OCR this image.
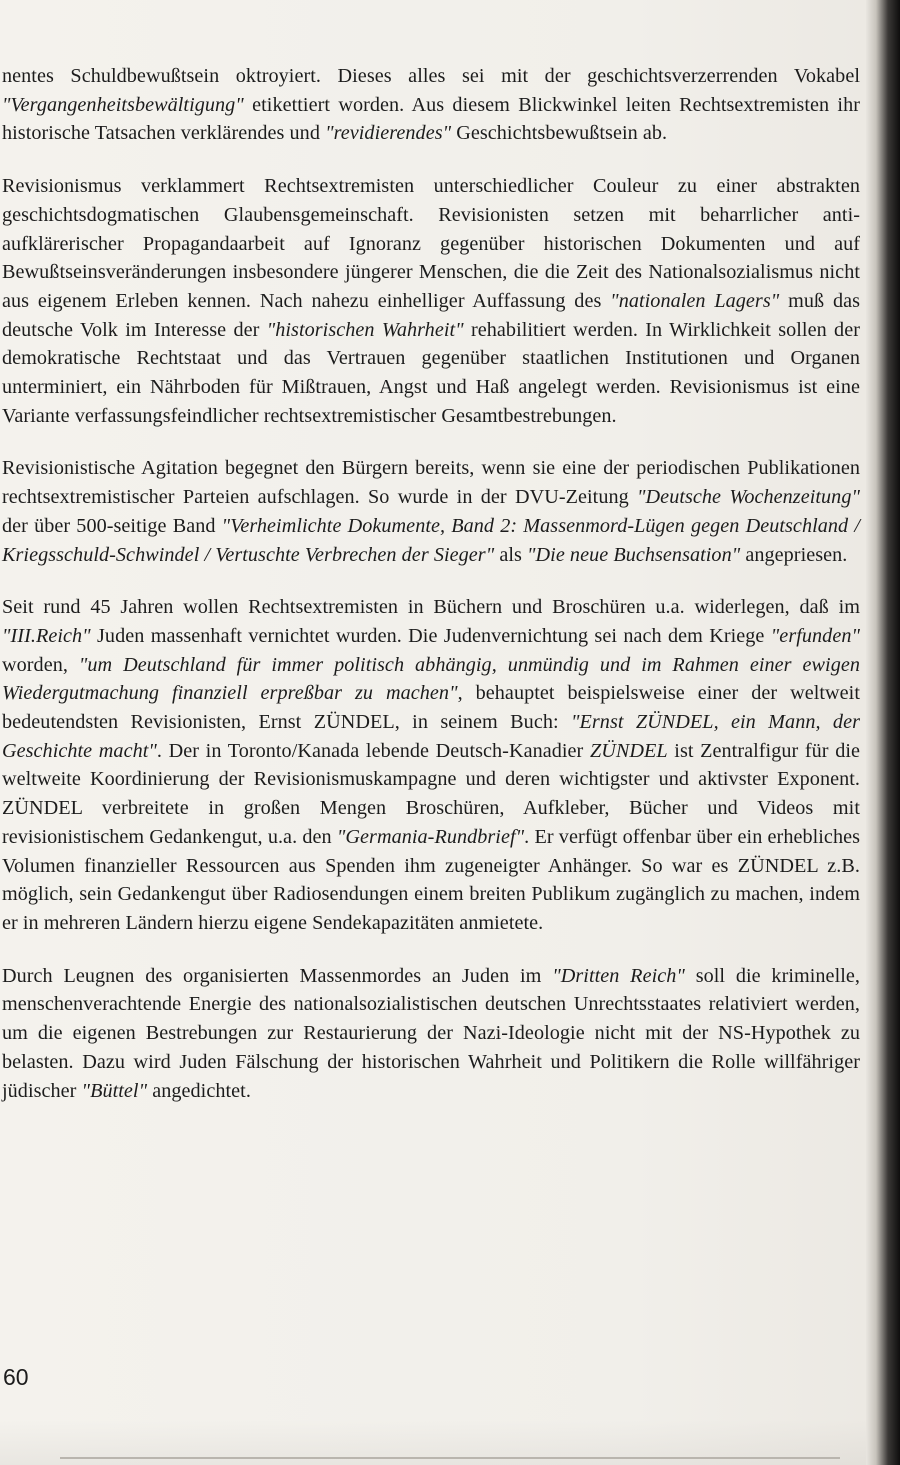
nentes Schuldbewußtsein oktroyiert. Dieses alles sei mit der geschichtsverzerrenden Vokabel "Vergangenheitsbewältigung" etikettiert worden. Aus diesem Blickwinkel leiten Rechtsextremisten ihr historische Tatsachen verklärendes und "revidierendes" Geschichtsbewußtsein ab.

Revisionismus verklammert Rechtsextremisten unterschiedlicher Couleur zu einer abstrakten geschichtsdogmatischen Glaubensgemeinschaft. Revisionisten setzen mit beharrlicher anti-aufklärerischer Propagandaarbeit auf Ignoranz gegenüber historischen Dokumenten und auf Bewußtseinsveränderungen insbesondere jüngerer Menschen, die die Zeit des Nationalsozialismus nicht aus eigenem Erleben kennen. Nach nahezu einhelliger Auffassung des "nationalen Lagers" muß das deutsche Volk im Interesse der "historischen Wahrheit" rehabilitiert werden. In Wirklichkeit sollen der demokratische Rechtstaat und das Vertrauen gegenüber staatlichen Institutionen und Organen unterminiert, ein Nährboden für Mißtrauen, Angst und Haß angelegt werden. Revisionismus ist eine Variante verfassungsfeindlicher rechtsextremistischer Gesamtbestrebungen.

Revisionistische Agitation begegnet den Bürgern bereits, wenn sie eine der periodischen Publikationen rechtsextremistischer Parteien aufschlagen. So wurde in der DVU-Zeitung "Deutsche Wochenzeitung" der über 500-seitige Band "Verheimlichte Dokumente, Band 2: Massenmord-Lügen gegen Deutschland / Kriegsschuld-Schwindel / Vertuschte Verbrechen der Sieger" als "Die neue Buchsensation" angepriesen.

Seit rund 45 Jahren wollen Rechtsextremisten in Büchern und Broschüren u.a. widerlegen, daß im "III.Reich" Juden massenhaft vernichtet wurden. Die Judenvernichtung sei nach dem Kriege "erfunden" worden, "um Deutschland für immer politisch abhängig, unmündig und im Rahmen einer ewigen Wiedergutmachung finanziell erpreßbar zu machen", behauptet beispielsweise einer der weltweit bedeutendsten Revisionisten, Ernst ZÜNDEL, in seinem Buch: "Ernst ZÜNDEL, ein Mann, der Geschichte macht". Der in Toronto/Kanada lebende Deutsch-Kanadier ZÜNDEL ist Zentralfigur für die weltweite Koordinierung der Revisionismuskampagne und deren wichtigster und aktivster Exponent. ZÜNDEL verbreitete in großen Mengen Broschüren, Aufkleber, Bücher und Videos mit revisionistischem Gedankengut, u.a. den "Germania-Rundbrief". Er verfügt offenbar über ein erhebliches Volumen finanzieller Ressourcen aus Spenden ihm zugeneigter Anhänger. So war es ZÜNDEL z.B. möglich, sein Gedankengut über Radiosendungen einem breiten Publikum zugänglich zu machen, indem er in mehreren Ländern hierzu eigene Sendekapazitäten anmietete.

Durch Leugnen des organisierten Massenmordes an Juden im "Dritten Reich" soll die kriminelle, menschenverachtende Energie des nationalsozialistischen deutschen Unrechtsstaates relativiert werden, um die eigenen Bestrebungen zur Restaurierung der Nazi-Ideologie nicht mit der NS-Hypothek zu belasten. Dazu wird Juden Fälschung der historischen Wahrheit und Politikern die Rolle willfähriger jüdischer "Büttel" angedichtet.

60
